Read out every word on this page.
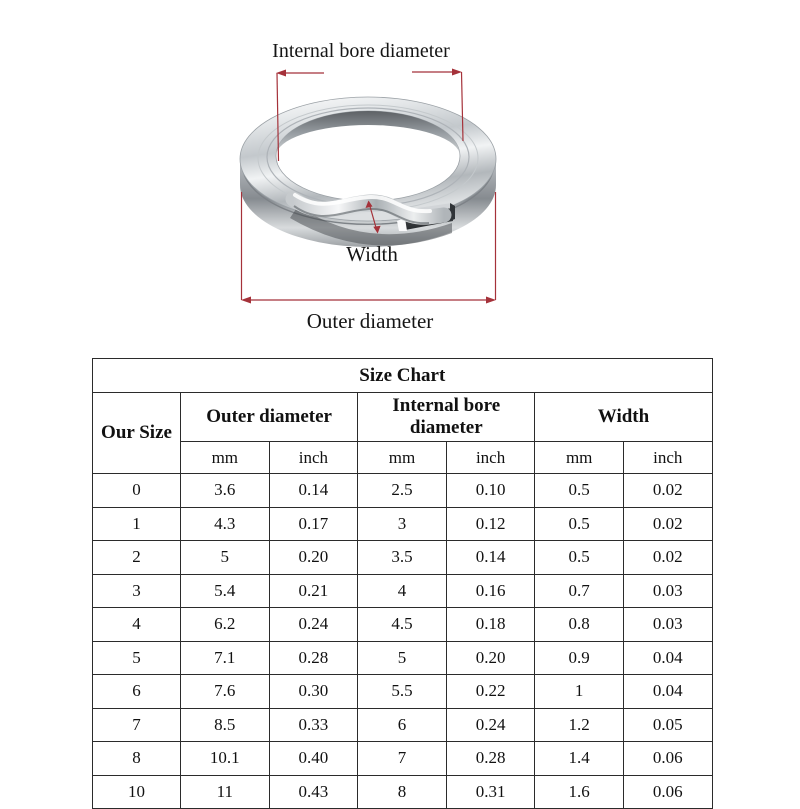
Internal bore diameter
Width
Outer diameter
Size Chart						
Our Size	Outer diameter		Internal bore diameter		Width	
	mm	inch	mm	inch	mm	inch
0	3.6	0.14	2.5	0.10	0.5	0.02
1	4.3	0.17	3	0.12	0.5	0.02
2	5	0.20	3.5	0.14	0.5	0.02
3	5.4	0.21	4	0.16	0.7	0.03
4	6.2	0.24	4.5	0.18	0.8	0.03
5	7.1	0.28	5	0.20	0.9	0.04
6	7.6	0.30	5.5	0.22	1	0.04
7	8.5	0.33	6	0.24	1.2	0.05
8	10.1	0.40	7	0.28	1.4	0.06
10	11	0.43	8	0.31	1.6	0.06
